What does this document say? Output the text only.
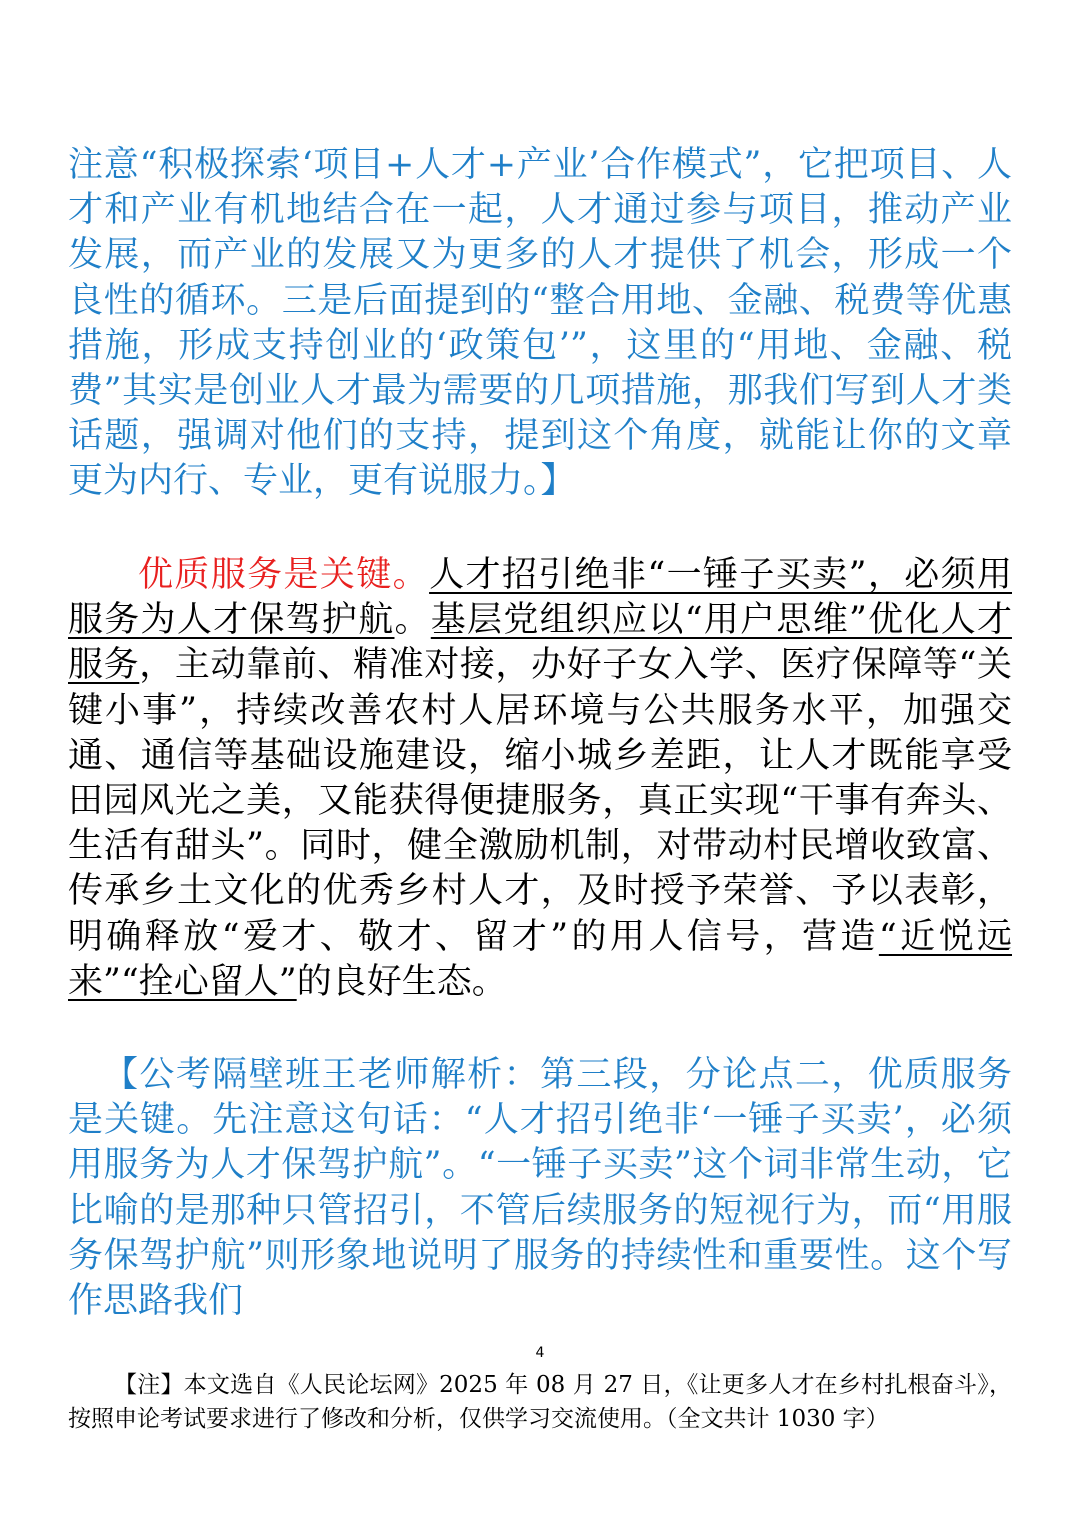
注意“积极探索‘项目+人才+产业’合作模式”，它把项目、人才和产业有机地结合在一起，人才通过参与项目，推动产业发展，而产业的发展又为更多的人才提供了机会，形成一个良性的循环。三是后面提到的“整合用地、金融、税费等优惠措施，形成支持创业的‘政策包’”，这里的“用地、金融、税费”其实是创业人才最为需要的几项措施，那我们写到人才类话题，强调对他们的支持，提到这个角度，就能让你的文章更为内行、专业，更有说服力。】

优质服务是关键。人才招引绝非“一锤子买卖”，必须用服务为人才保驾护航。基层党组织应以“用户思维”优化人才服务，主动靠前、精准对接，办好子女入学、医疗保障等“关键小事”，持续改善农村人居环境与公共服务水平，加强交通、通信等基础设施建设，缩小城乡差距，让人才既能享受田园风光之美，又能获得便捷服务，真正实现“干事有奔头、生活有甜头”。同时，健全激励机制，对带动村民增收致富、传承乡土文化的优秀乡村人才，及时授予荣誉、予以表彰，明确释放“爱才、敬才、留才”的用人信号，营造“近悦远来”“拴心留人”的良好生态。

【公考隔壁班王老师解析：第三段，分论点二，优质服务是关键。先注意这句话：“人才招引绝非‘一锤子买卖’，必须用服务为人才保驾护航”。“一锤子买卖”这个词非常生动，它比喻的是那种只管招引，不管后续服务的短视行为，而“用服务保驾护航”则形象地说明了服务的持续性和重要性。这个写作思路我们

4

【注】本文选自《人民论坛网》2025 年 08 月 27 日，《让更多人才在乡村扎根奋斗》，按照申论考试要求进行了修改和分析，仅供学习交流使用。（全文共计 1030 字）
